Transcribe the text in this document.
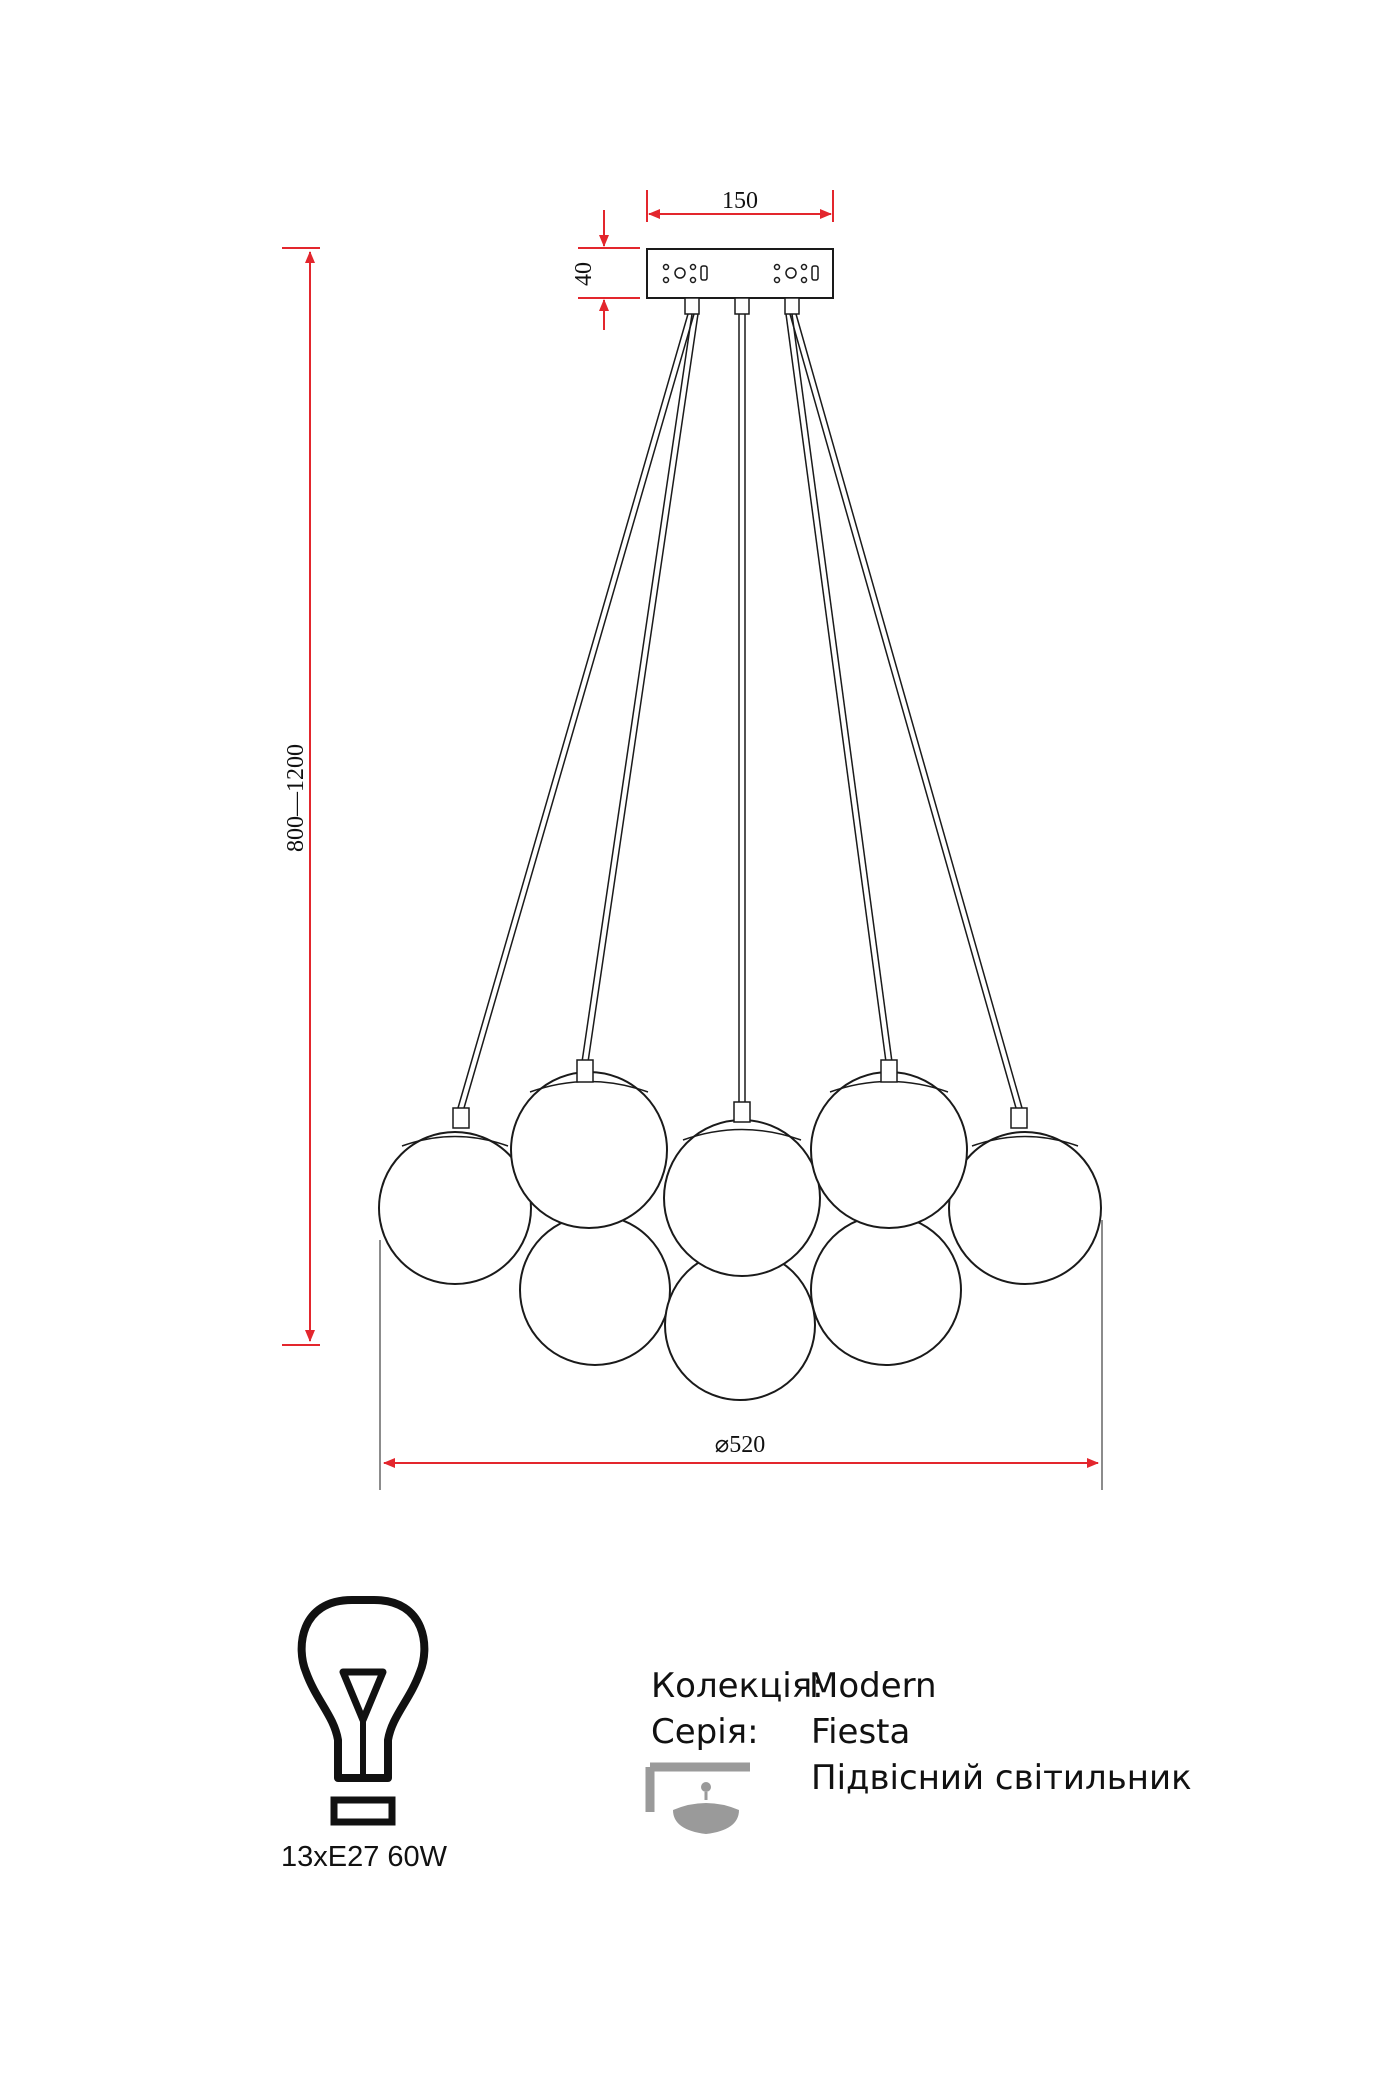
150
40
800—1200
⌀520
13xE27 60W
Колекція:
Modern
Серія: Fiesta
Підвісний світильник
